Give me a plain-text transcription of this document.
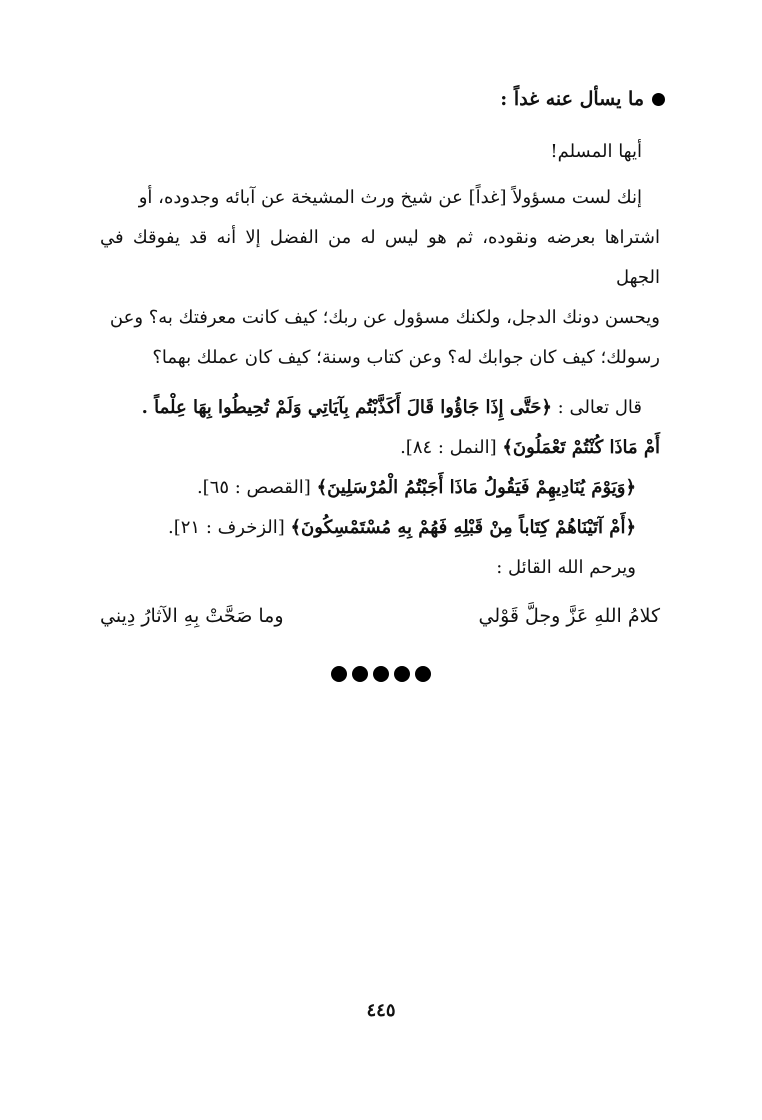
ما يسأل عنه غداً :
أيها المسلم!

إنك لست مسؤولاً [غداً] عن شيخ ورث المشيخة عن آبائه وجدوده، أو

اشتراها بعرضه ونقوده، ثم هو ليس له من الفضل إلا أنه قد يفوقك في الجهل

ويحسن دونك الدجل، ولكنك مسؤول عن ربك؛ كيف كانت معرفتك به؟ وعن

رسولك؛ كيف كان جوابك له؟ وعن كتاب وسنة؛ كيف كان عملك بهما؟

قال تعالى : ﴿حَتَّى إِذَا جَاؤُوا قَالَ أَكَذَّبْتُم بِآيَاتِي وَلَمْ تُحِيطُوا بِهَا عِلْماً .

أَمْ مَاذَا كُنْتُمْ تَعْمَلُونَ﴾ [النمل : ٨٤].

﴿وَيَوْمَ يُنَادِيهِمْ فَيَقُولُ مَاذَا أَجَبْتُمُ الْمُرْسَلِينَ﴾ [القصص : ٦٥].

﴿أَمْ آتَيْنَاهُمْ كِتَاباً مِنْ قَبْلِهِ فَهُمْ بِهِ مُسْتَمْسِكُونَ﴾ [الزخرف : ٢١].

ويرحم الله القائل :

كلامُ اللهِ عَزَّ وجلَّ قَوْلي
وما صَحَّتْ بِهِ الآثارُ دِيني
٤٤٥
